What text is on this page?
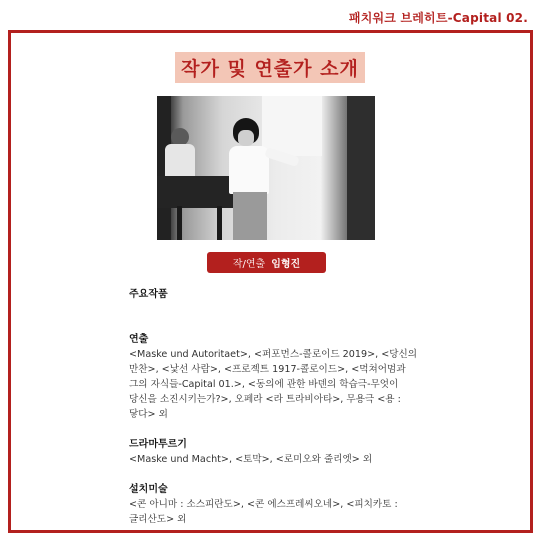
패치워크 브레히트-Capital 02.
작가 및 연출가 소개
작/연출 임형진
주요작품
연출
<Maske und Autoritaet>, <퍼포먼스-콜로이드 2019>, <당신의 만찬>, <낯선 사람>, <프로젝트 1917-콜로이드>, <먹쳐어멈과 그의 자식들-Capital 01.>, <동의에 관한 바덴의 학습극-무엇이 당신을 소진시키는가?>, 오페라 <라 트라비아타>, 무용극 <용 : 닿다> 외
드라마투르기
<Maske und Macht>, <토막>, <로미오와 줄리엣> 외
설치미술
<콘 아니마 : 소스피란도>, <콘 에스프레씨오네>, <피치카토 : 글리산도> 외
